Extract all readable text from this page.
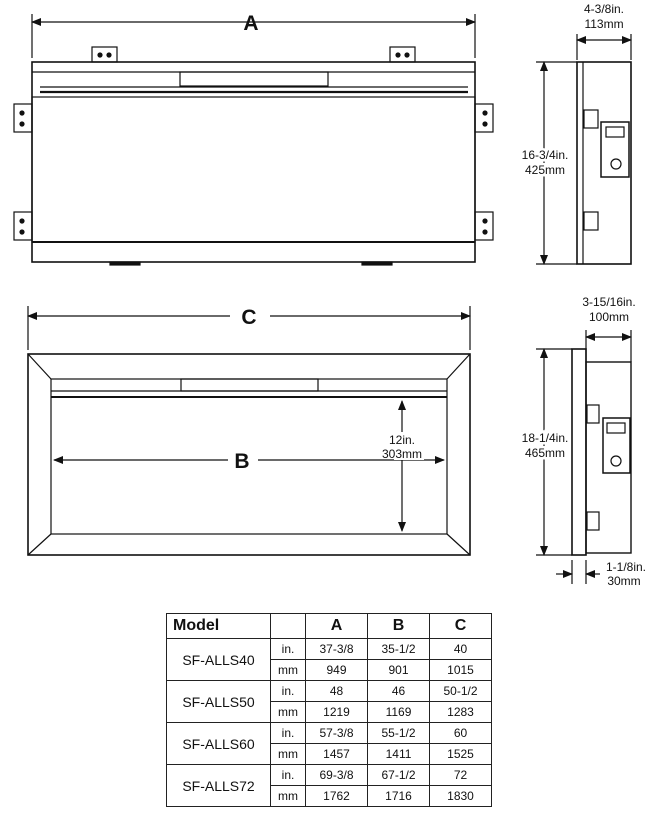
A
4-3/8in.
113mm
16-3/4in.
425mm
C
B
12in.
303mm
3-15/16in.
100mm
18-1/4in.
465mm
1-1/8in.
30mm
Model		A	B	C
SF-ALLS40	in.	37-3/8	35-1/2	40
	mm	949	901	1015
SF-ALLS50	in.	48	46	50-1/2
	mm	1219	1169	1283
SF-ALLS60	in.	57-3/8	55-1/2	60
	mm	1457	1411	1525
SF-ALLS72	in.	69-3/8	67-1/2	72
	mm	1762	1716	1830
